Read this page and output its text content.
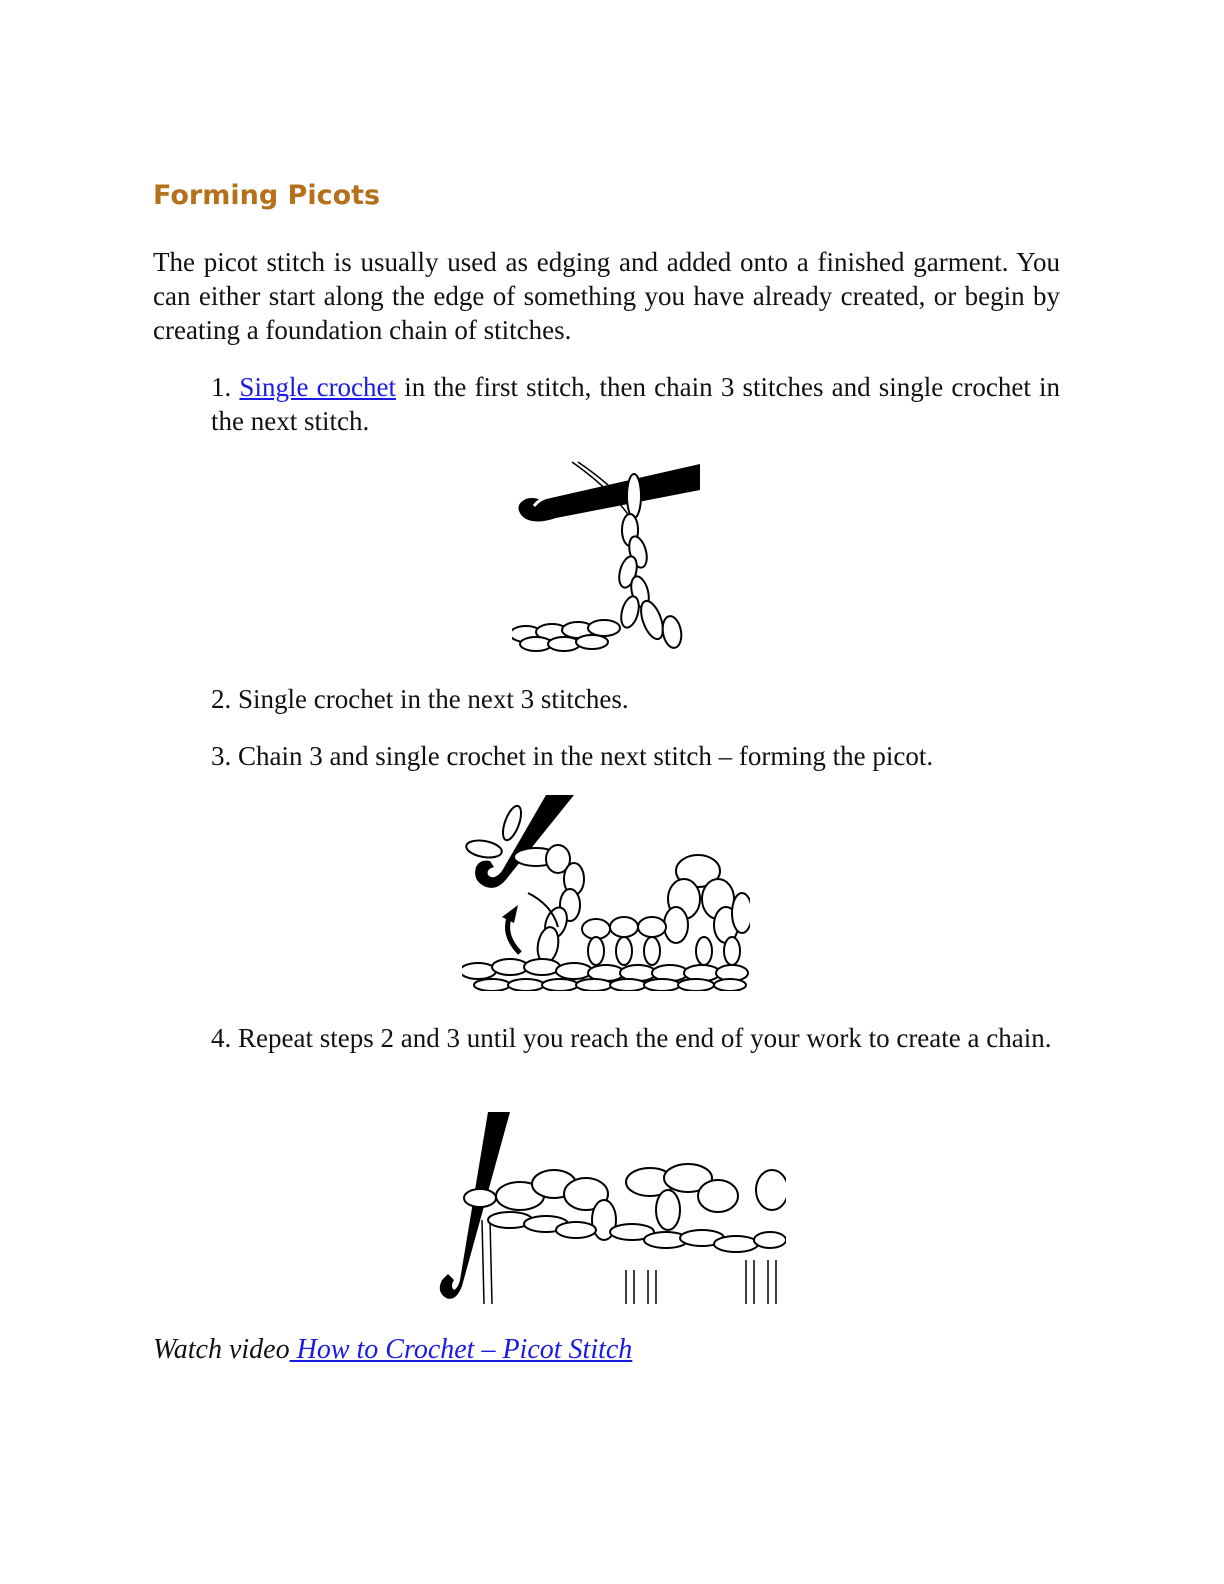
Forming Picots

The picot stitch is usually used as edging and added onto a finished garment. You can either start along the edge of something you have already created, or begin by creating a foundation chain of stitches.

1. Single crochet in the first stitch, then chain 3 stitches and single crochet in the next stitch.

2. Single crochet in the next 3 stitches.

3. Chain 3 and single crochet in the next stitch – forming the picot.

4. Repeat steps 2 and 3 until you reach the end of your work to create a chain.

Watch video How to Crochet – Picot Stitch
